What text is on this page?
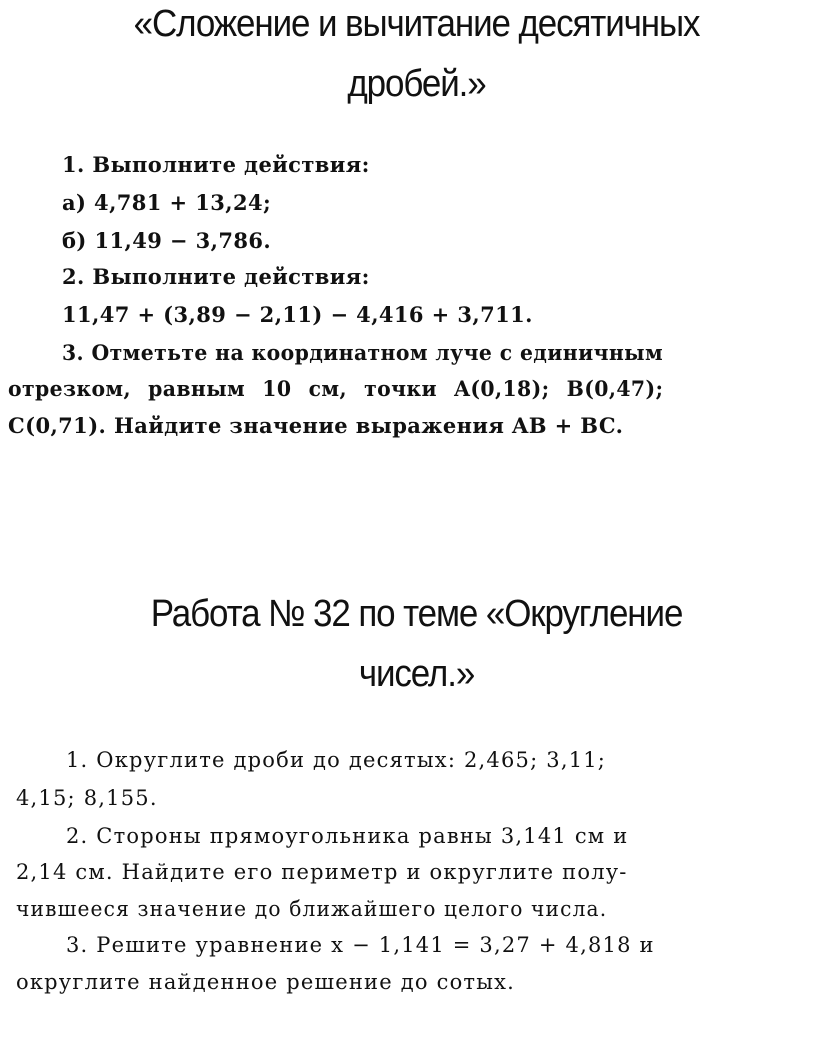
«Сложение и вычитание десятичных
дробей.»

1. Выполните действия:

а) 4,781 + 13,24;

б) 11,49 − 3,786.

2. Выполните действия:

11,47 + (3,89 − 2,11) − 4,416 + 3,711.

3. Отметьте на координатном луче с единичным

отрезком, равным 10 см, точки A(0,18); B(0,47);

C(0,71). Найдите значение выражения AB + BC.

Работа № 32 по теме «Округление
чисел.»

1. Округлите дроби до десятых: 2,465; 3,11;

4,15; 8,155.

2. Стороны прямоугольника равны 3,141 см и

2,14 см. Найдите его периметр и округлите полу-

чившееся значение до ближайшего целого числа.

3. Решите уравнение x − 1,141 = 3,27 + 4,818 и

округлите найденное решение до сотых.
